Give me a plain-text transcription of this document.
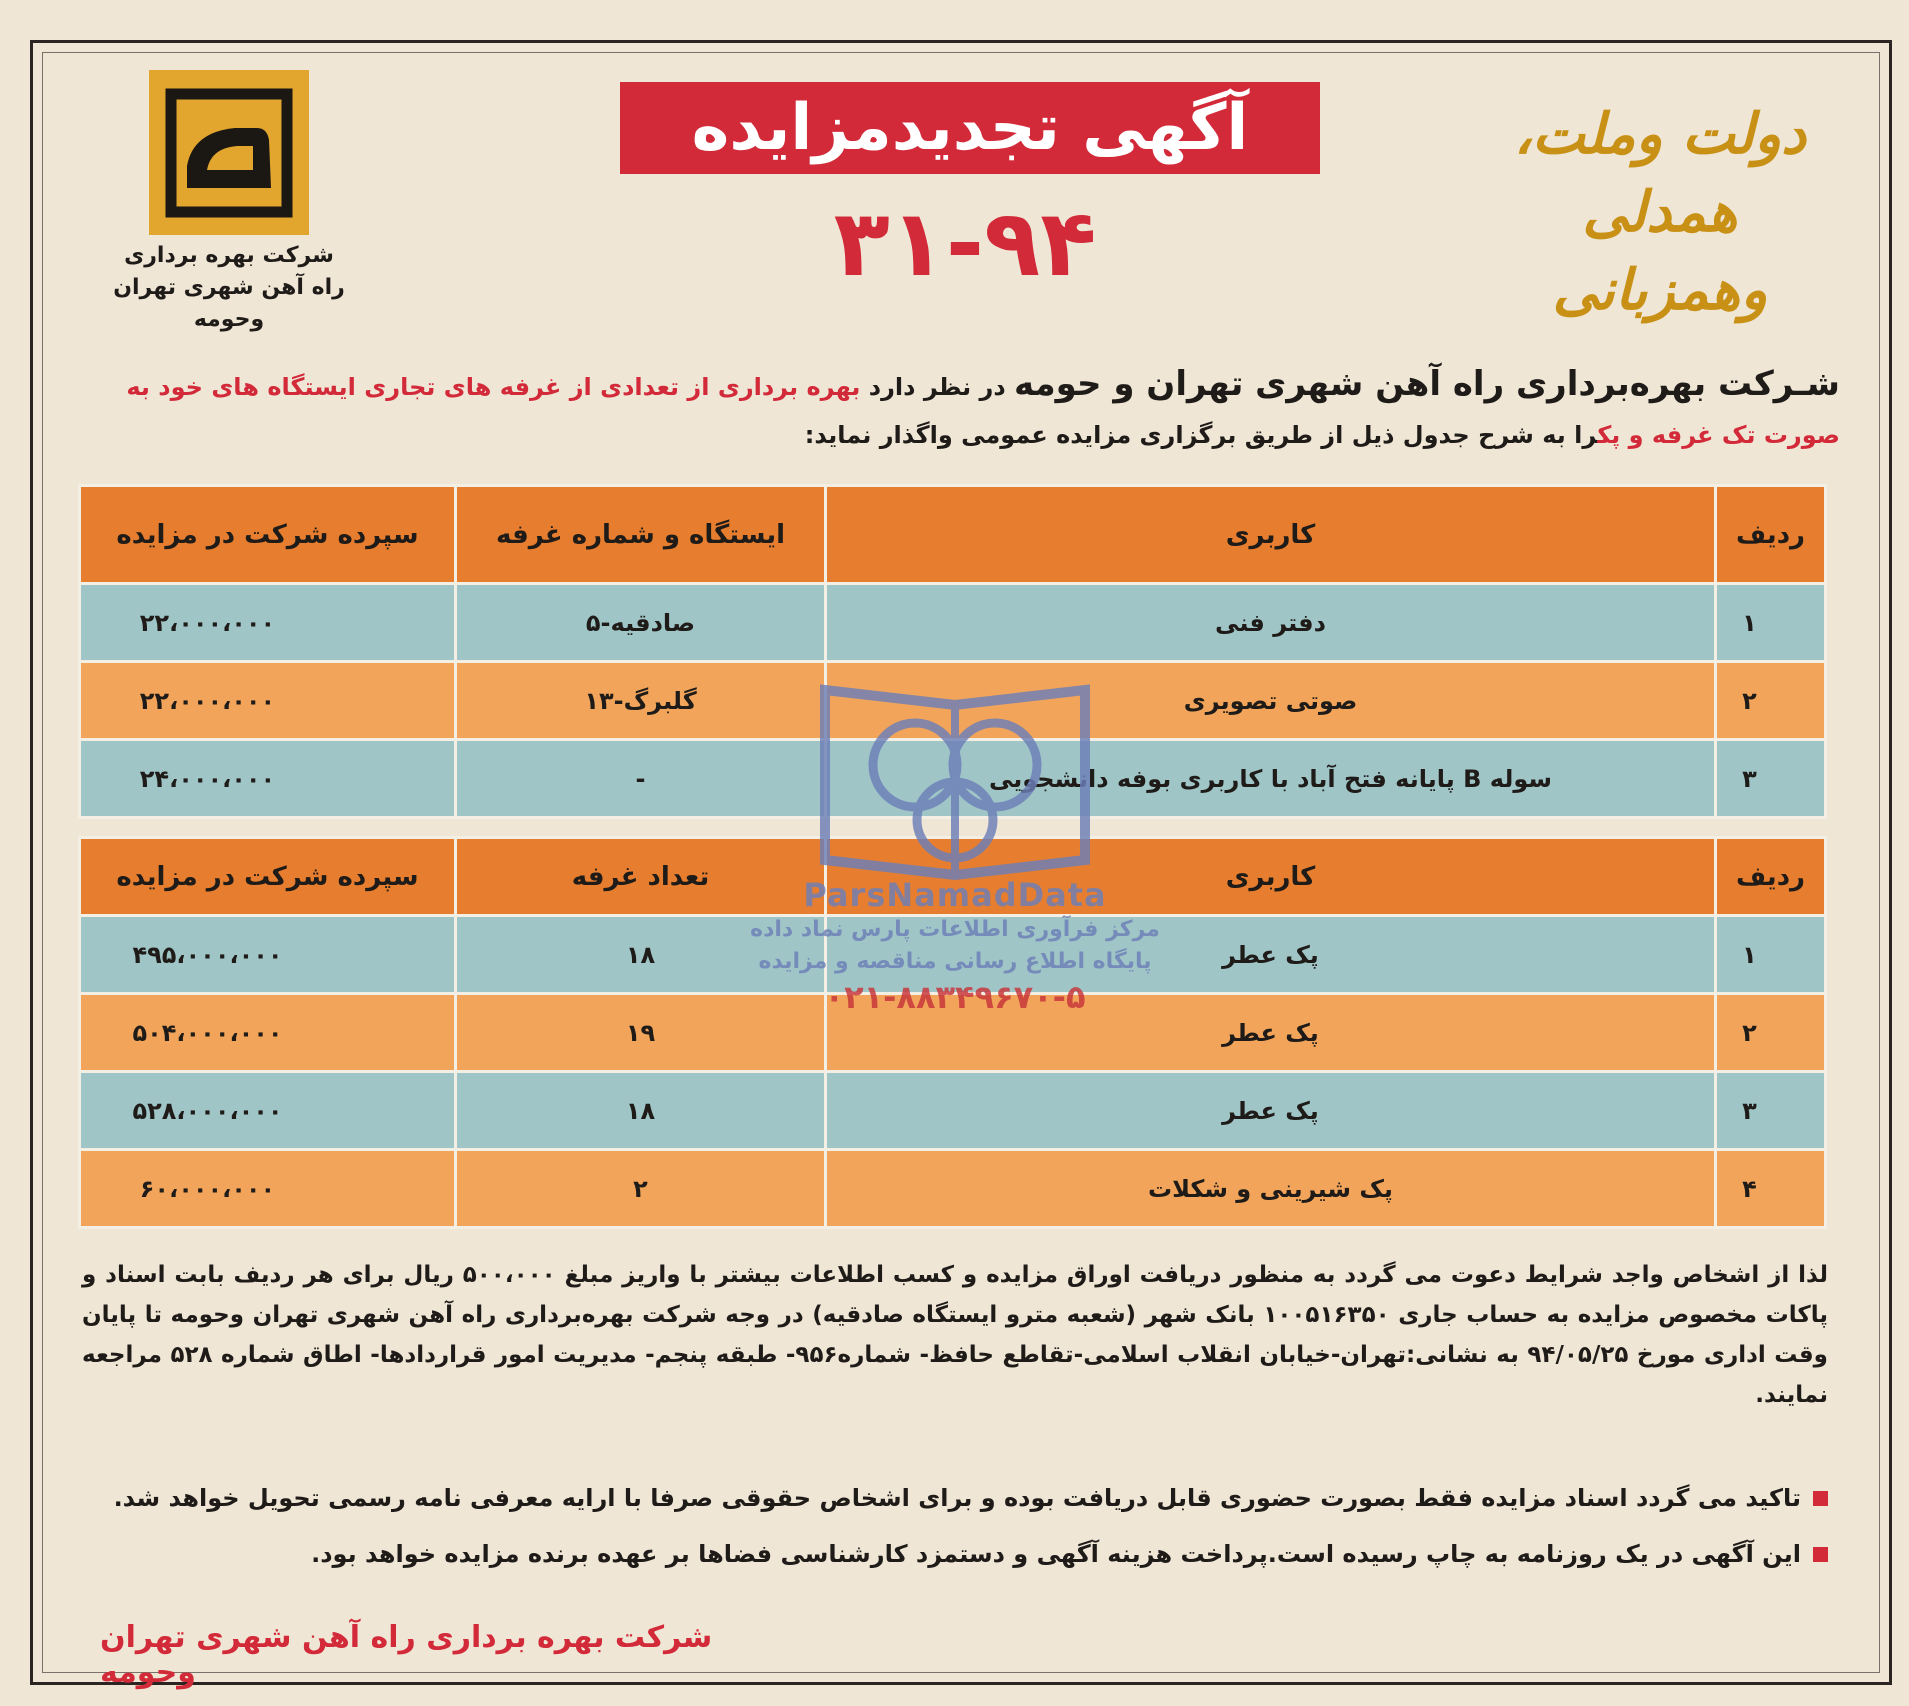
شرکت بهره برداری
راه آهن شهری تهران وحومه
آگهی تجدیدمزایده
۳۱-۹۴
دولت وملت،
همدلی وهمزبانی
شـرکت بهره‌برداری راه آهن شهری تهران و حومه در نظر دارد بهره برداری از تعدادی از غرفه های تجاری ایستگاه های خود به صورت تک غرفه و پکرا به شرح جدول ذیل از طریق برگزاری مزایده عمومی واگذار نماید:
ردیف	کاربری	ایستگاه و شماره غرفه	سپرده شرکت در مزایده
۱	دفتر فنی	صادقیه-۵	۲۲،۰۰۰،۰۰۰
۲	صوتی تصویری	گلبرگ-۱۳	۲۲،۰۰۰،۰۰۰
۳	سوله B پایانه فتح آباد با کاربری بوفه دانشجویی	-	۲۴،۰۰۰،۰۰۰
ردیف	کاربری	تعداد غرفه	سپرده شرکت در مزایده
۱	پک عطر	۱۸	۴۹۵،۰۰۰،۰۰۰
۲	پک عطر	۱۹	۵۰۴،۰۰۰،۰۰۰
۳	پک عطر	۱۸	۵۲۸،۰۰۰،۰۰۰
۴	پک شیرینی و شکلات	۲	۶۰،۰۰۰،۰۰۰
ParsNamadData
مرکز فرآوری اطلاعات پارس نماد داده
پایگاه اطلاع رسانی مناقصه و مزایده
۰۲۱-۸۸۳۴۹۶۷۰-۵
لذا از اشخاص واجد شرایط دعوت می گردد به منظور دریافت اوراق مزایده و کسب اطلاعات بیشتر با واریز مبلغ ۵۰۰،۰۰۰ ریال برای هر ردیف بابت اسناد و پاکات مخصوص مزایده به حساب جاری ۱۰۰۵۱۶۳۵۰ بانک شهر (شعبه مترو ایستگاه صادقیه) در وجه شرکت بهره‌برداری راه آهن شهری تهران وحومه تا پایان وقت اداری مورخ ۹۴/۰۵/۲۵ به نشانی:تهران-خیابان انقلاب اسلامی-تقاطع حافظ- شماره۹۵۶- طبقه پنجم- مدیریت امور قراردادها- اطاق شماره ۵۲۸ مراجعه نمایند.
تاکید می گردد اسناد مزایده فقط بصورت حضوری قابل دریافت بوده و برای اشخاص حقوقی صرفا با ارایه معرفی نامه رسمی تحویل خواهد شد.
این آگهی در یک روزنامه به چاپ رسیده است.پرداخت هزینه آگهی و دستمزد کارشناسی فضاها بر عهده برنده مزایده خواهد بود.
شرکت بهره برداری راه آهن شهری تهران وحومه
